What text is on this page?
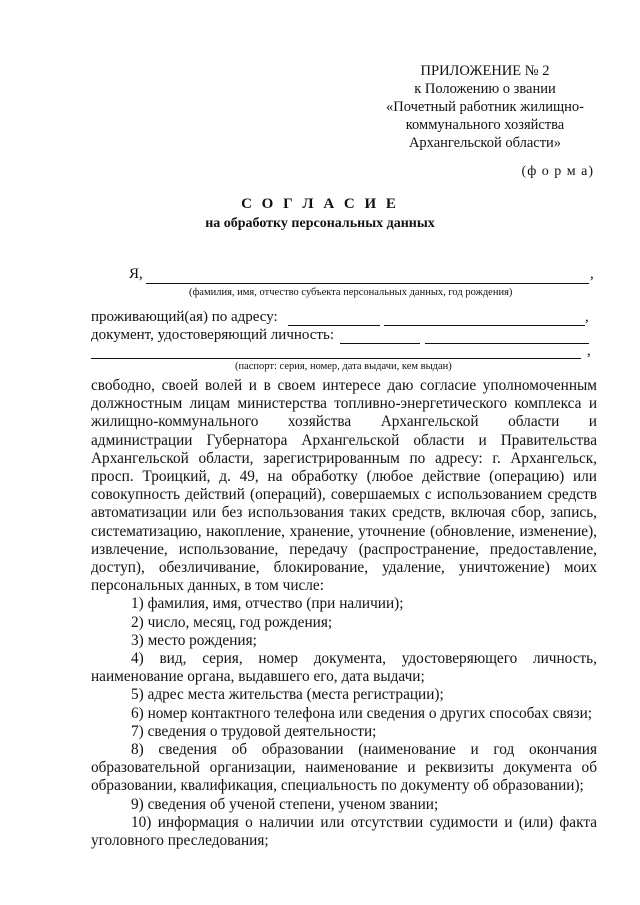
ПРИЛОЖЕНИЕ № 2
к Положению о звании
«Почетный работник жилищно-
коммунального хозяйства
Архангельской области»
(ф о р м а)
С О Г Л А С И Е
на обработку персональных данных
Я,	,
(фамилия, имя, отчество субъекта персональных данных, год рождения)
проживающий(ая) по адресу:	,
документ, удостоверяющий личность:
,
(паспорт: серия, номер, дата выдачи, кем выдан)

свободно, своей волей и в своем интересе даю согласие уполномоченным должностным лицам министерства топливно-энергетического комплекса и жилищно-коммунального хозяйства Архангельской области и администрации Губернатора Архангельской области и Правительства Архангельской области, зарегистрированным по адресу: г. Архангельск, просп. Троицкий, д. 49, на обработку (любое действие (операцию) или совокупность действий (операций), совершаемых с использованием средств автоматизации или без использования таких средств, включая сбор, запись, систематизацию, накопление, хранение, уточнение (обновление, изменение), извлечение, использование, передачу (распространение, предоставление, доступ), обезличивание, блокирование, удаление, уничтожение) моих персональных данных, в том числе:

1) фамилия, имя, отчество (при наличии);

2) число, месяц, год рождения;

3) место рождения;

4) вид, серия, номер документа, удостоверяющего личность, наименование органа, выдавшего его, дата выдачи;

5) адрес места жительства (места регистрации);

6) номер контактного телефона или сведения о других способах связи;

7) сведения о трудовой деятельности;

8) сведения об образовании (наименование и год окончания образовательной организации, наименование и реквизиты документа об образовании, квалификация, специальность по документу об образовании);

9) сведения об ученой степени, ученом звании;

10) информация о наличии или отсутствии судимости и (или) факта уголовного преследования;
